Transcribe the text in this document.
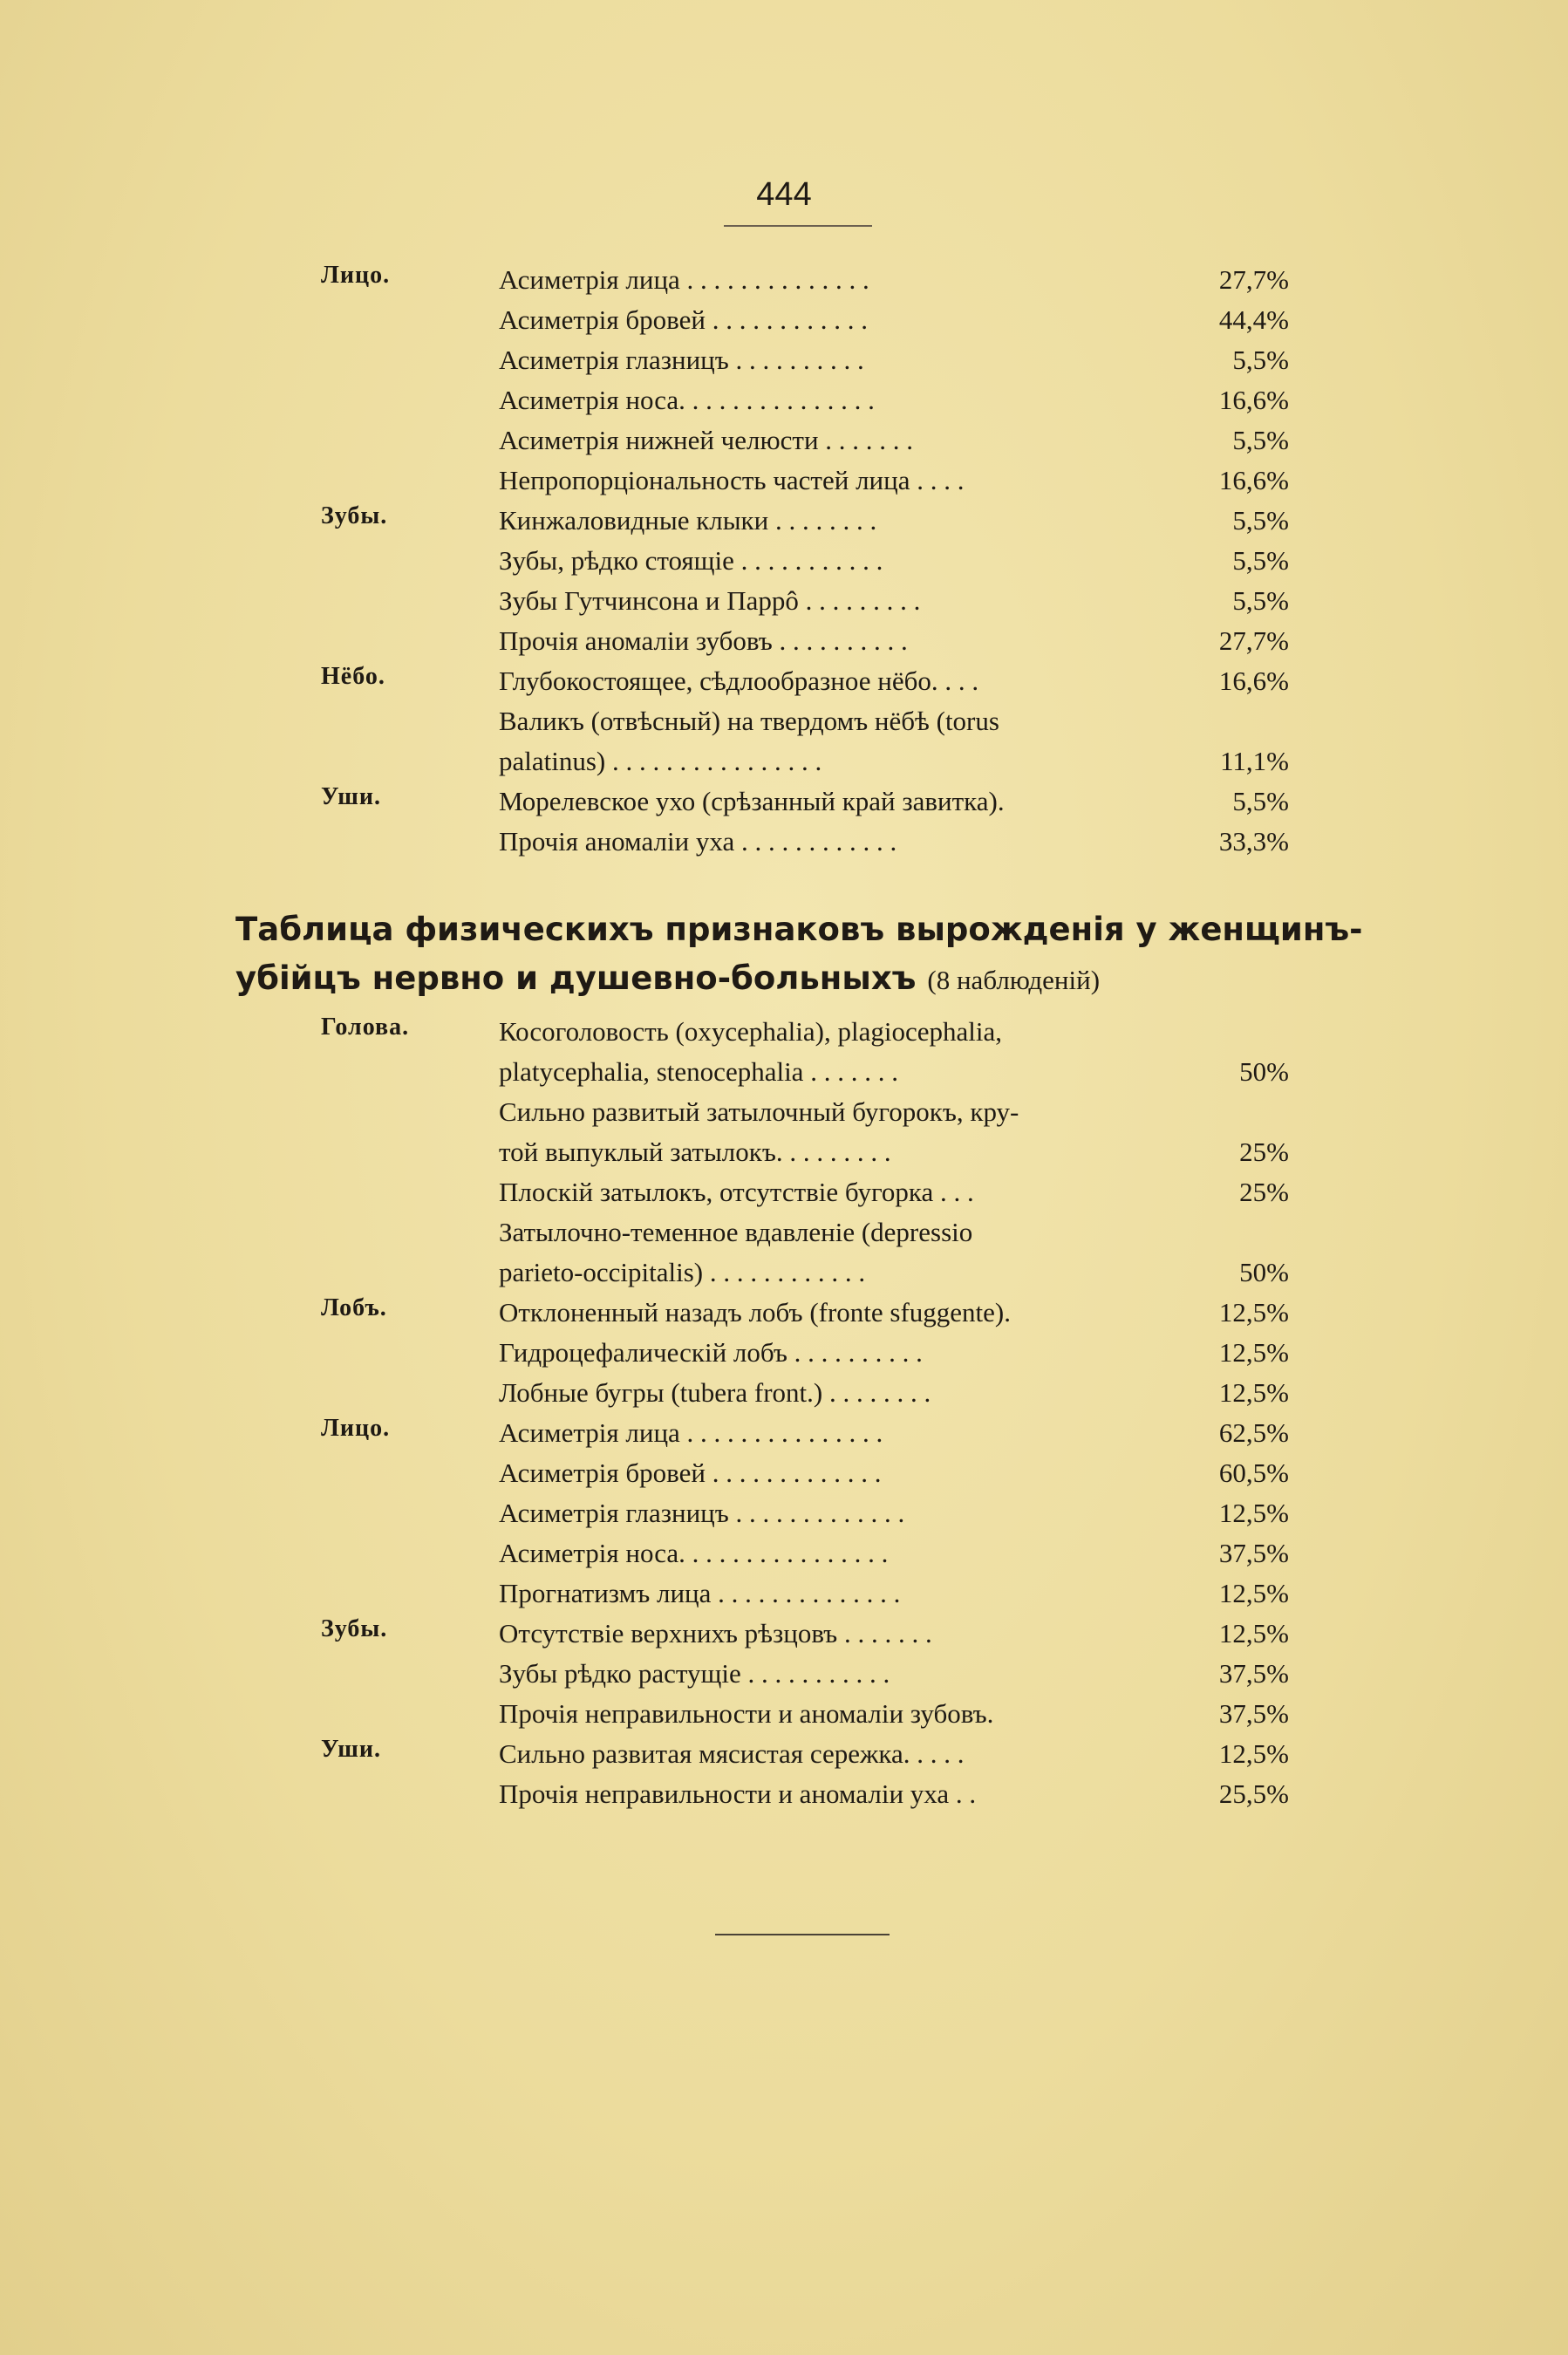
444
Лицо.	Асиметрія лица . . . . . . . . . . . . . .	27,7%
Асиметрія бровей . . . . . . . . . . . .	44,4%
Асиметрія глазницъ . . . . . . . . . .	5,5%
Асиметрія носа. . . . . . . . . . . . . . .	16,6%
Асиметрія нижней челюсти . . . . . . .	5,5%
Непропорціональность частей лица . . . .	16,6%
Зубы.	Кинжаловидные клыки . . . . . . . .	5,5%
Зубы, рѣдко стоящіе . . . . . . . . . . .	5,5%
Зубы Гутчинсона и Паррô . . . . . . . . .	5,5%
Прочія аномаліи зубовъ . . . . . . . . . .	27,7%
Нёбо.	Глубокостоящее, сѣдлообразное нёбо. . . .	16,6%
Валикъ (отвѣсный) на твердомъ нёбѣ (torus
palatinus) . . . . . . . . . . . . . . . .	11,1%
Уши.	Морелевское ухо (срѣзанный край завитка).	5,5%
Прочія аномаліи уха . . . . . . . . . . . .	33,3%
Таблица физическихъ признаковъ вырожденія у женщинъ-
убійцъ нервно и душевно-больныхъ (8 наблюденій)
Голова.	Косоголовость (oxycephalia), plagiocephalia,
platycephalia, stenocephalia . . . . . . .	50%
Сильно развитый затылочный бугорокъ, кру-
той выпуклый затылокъ. . . . . . . . .	25%
Плоскій затылокъ, отсутствіе бугорка . . .	25%
Затылочно-теменное вдавленіе (depressio
parieto-occipitalis) . . . . . . . . . . . .	50%
Лобъ.	Отклоненный назадъ лобъ (fronte sfuggente).	12,5%
Гидроцефалическій лобъ . . . . . . . . . .	12,5%
Лобные бугры (tubera front.) . . . . . . . .	12,5%
Лицо.	Асиметрія лица . . . . . . . . . . . . . . .	62,5%
Асиметрія бровей . . . . . . . . . . . . .	60,5%
Асиметрія глазницъ . . . . . . . . . . . . .	12,5%
Асиметрія носа. . . . . . . . . . . . . . . .	37,5%
Прогнатизмъ лица . . . . . . . . . . . . . .	12,5%
Зубы.	Отсутствіе верхнихъ рѣзцовъ . . . . . . .	12,5%
Зубы рѣдко растущіе . . . . . . . . . . .	37,5%
Прочія неправильности и аномаліи зубовъ.	37,5%
Уши.	Сильно развитая мясистая сережка. . . . .	12,5%
Прочія неправильности и аномаліи уха . .	25,5%
